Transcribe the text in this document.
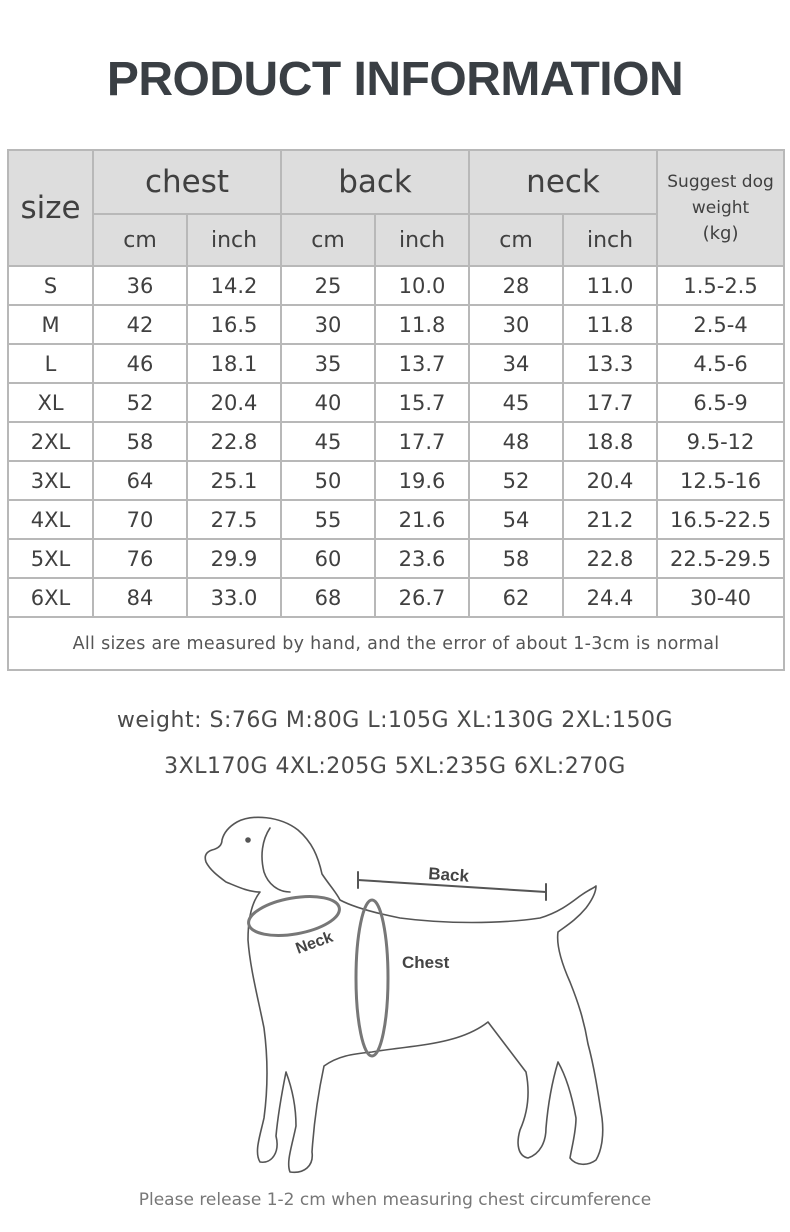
PRODUCT INFORMATION
size	chest		back		neck		Suggest dog
weight
(kg)
	cm	inch	cm	inch	cm	inch	
S	36	14.2	25	10.0	28	11.0	1.5-2.5
M	42	16.5	30	11.8	30	11.8	2.5-4
L	46	18.1	35	13.7	34	13.3	4.5-6
XL	52	20.4	40	15.7	45	17.7	6.5-9
2XL	58	22.8	45	17.7	48	18.8	9.5-12
3XL	64	25.1	50	19.6	52	20.4	12.5-16
4XL	70	27.5	55	21.6	54	21.2	16.5-22.5
5XL	76	29.9	60	23.6	58	22.8	22.5-29.5
6XL	84	33.0	68	26.7	62	24.4	30-40
All sizes are measured by hand, and the error of about 1-3cm is normal							
weight: S:76G M:80G L:105G XL:130G 2XL:150G
3XL170G 4XL:205G 5XL:235G 6XL:270G
Back
Neck
Chest
Please release 1-2 cm when measuring chest circumference
